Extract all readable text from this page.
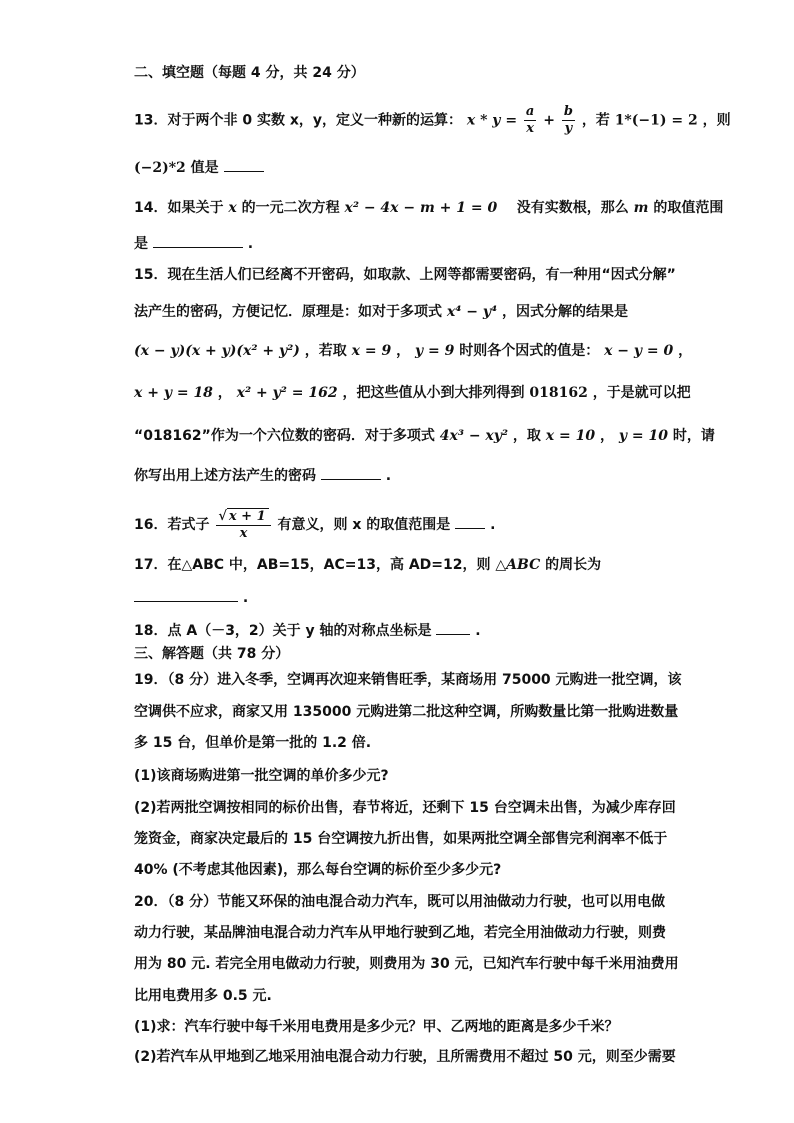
二、填空题（每题 4 分，共 24 分）
13．对于两个非 0 实数 x，y，定义一种新的运算： $x * y = \frac{a}{x} + \frac{b}{y}$ ，若 1*(−1) = 2 ，则
(−2)*2 值是
14．如果关于 x 的一元二次方程 x² − 4x − m + 1 = 0 没有实数根，那么 m 的取值范围
是	.
15．现在生活人们已经离不开密码，如取款、上网等都需要密码，有一种用“因式分解”
法产生的密码，方便记忆．原理是：如对于多项式 x⁴ − y⁴ ，因式分解的结果是
(x − y)(x + y)(x² + y²) ，若取 x = 9 ， y = 9 时则各个因式的值是： x − y = 0 ，
x + y = 18 ， x² + y² = 162 ，把这些值从小到大排列得到 018162 ，于是就可以把
“018162”作为一个六位数的密码．对于多项式 4x³ − xy² ，取 x = 10 ， y = 10 时，请
你写出用上述方法产生的密码	.
16．若式子 $\frac{√ x + 1}{x}$ 有意义，则 x 的取值范围是	.
17．在△ABC 中，AB=15，AC=13，高 AD=12，则 △ABC 的周长为
.
18．点 A（－3，2）关于 y 轴的对称点坐标是	.
三、解答题（共 78 分）
19．（8 分）进入冬季，空调再次迎来销售旺季，某商场用 75000 元购进一批空调，该
空调供不应求，商家又用 135000 元购进第二批这种空调，所购数量比第一批购进数量
多 15 台，但单价是第一批的 1.2 倍.
(1)该商场购进第一批空调的单价多少元?
(2)若两批空调按相同的标价出售，春节将近，还剩下 15 台空调未出售，为减少库存回
笼资金，商家决定最后的 15 台空调按九折出售，如果两批空调全部售完利润率不低于
40% (不考虑其他因素)，那么每台空调的标价至少多少元?
20．（8 分）节能又环保的油电混合动力汽车，既可以用油做动力行驶，也可以用电做
动力行驶，某品牌油电混合动力汽车从甲地行驶到乙地，若完全用油做动力行驶，则费
用为 80 元. 若完全用电做动力行驶，则费用为 30 元，已知汽车行驶中每千米用油费用
比用电费用多 0.5 元.
(1)求：汽车行驶中每千米用电费用是多少元？甲、乙两地的距离是多少千米？
(2)若汽车从甲地到乙地采用油电混合动力行驶，且所需费用不超过 50 元，则至少需要
